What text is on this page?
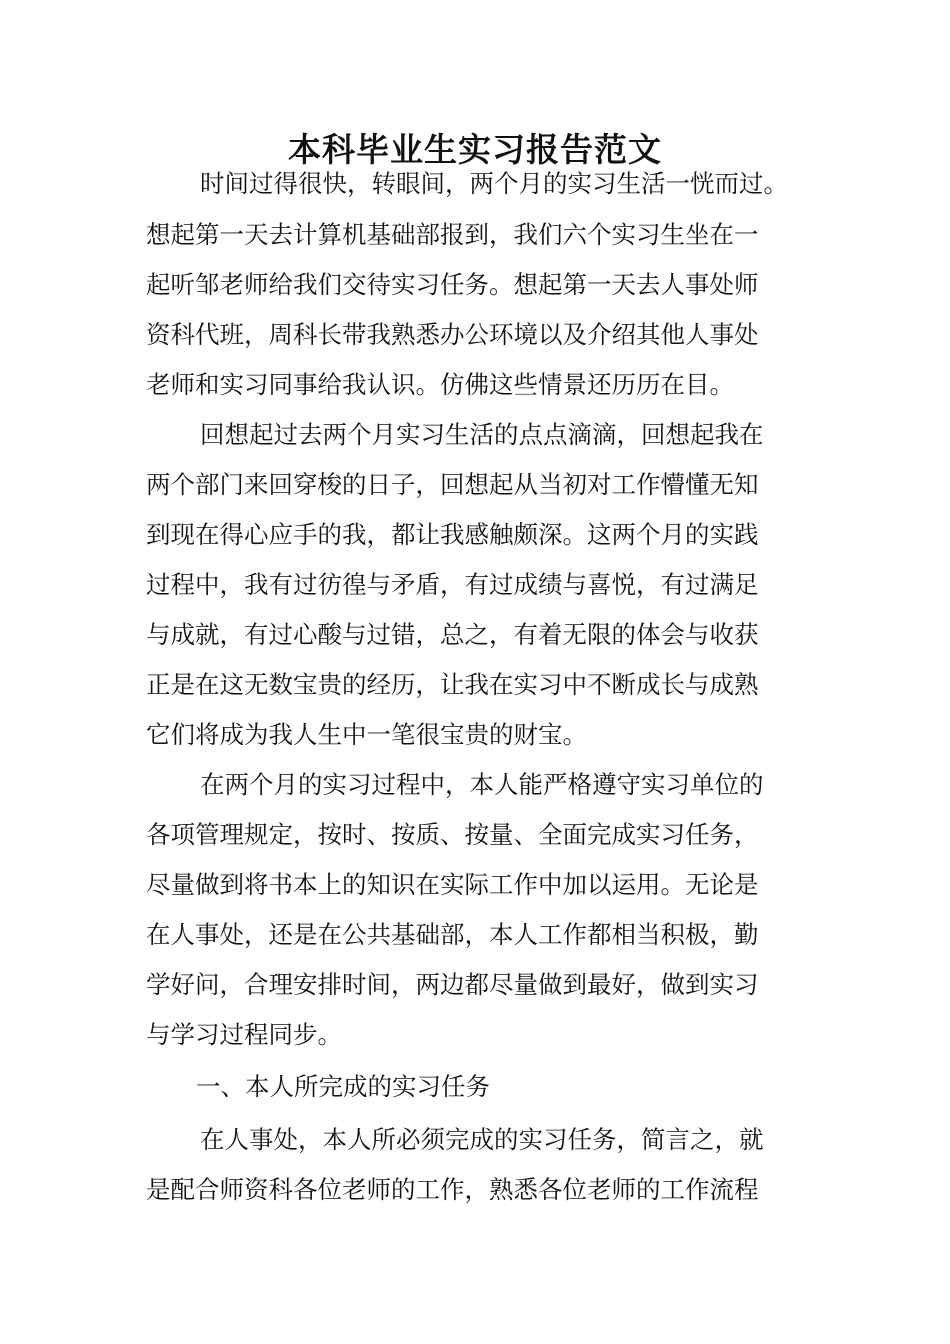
本科毕业生实习报告范文

时间过得很快，转眼间，两个月的实习生活一恍而过。

想起第一天去计算机基础部报到，我们六个实习生坐在一

起听邹老师给我们交待实习任务。想起第一天去人事处师

资科代班，周科长带我熟悉办公环境以及介绍其他人事处

老师和实习同事给我认识。仿佛这些情景还历历在目。

回想起过去两个月实习生活的点点滴滴，回想起我在

两个部门来回穿梭的日子，回想起从当初对工作懵懂无知

到现在得心应手的我，都让我感触颇深。这两个月的实践

过程中，我有过彷徨与矛盾，有过成绩与喜悦，有过满足

与成就，有过心酸与过错，总之，有着无限的体会与收获

正是在这无数宝贵的经历，让我在实习中不断成长与成熟

它们将成为我人生中一笔很宝贵的财宝。

在两个月的实习过程中，本人能严格遵守实习单位的

各项管理规定，按时、按质、按量、全面完成实习任务，

尽量做到将书本上的知识在实际工作中加以运用。无论是

在人事处，还是在公共基础部，本人工作都相当积极，勤

学好问，合理安排时间，两边都尽量做到最好，做到实习

与学习过程同步。

一、本人所完成的实习任务

在人事处，本人所必须完成的实习任务，简言之，就

是配合师资科各位老师的工作，熟悉各位老师的工作流程
